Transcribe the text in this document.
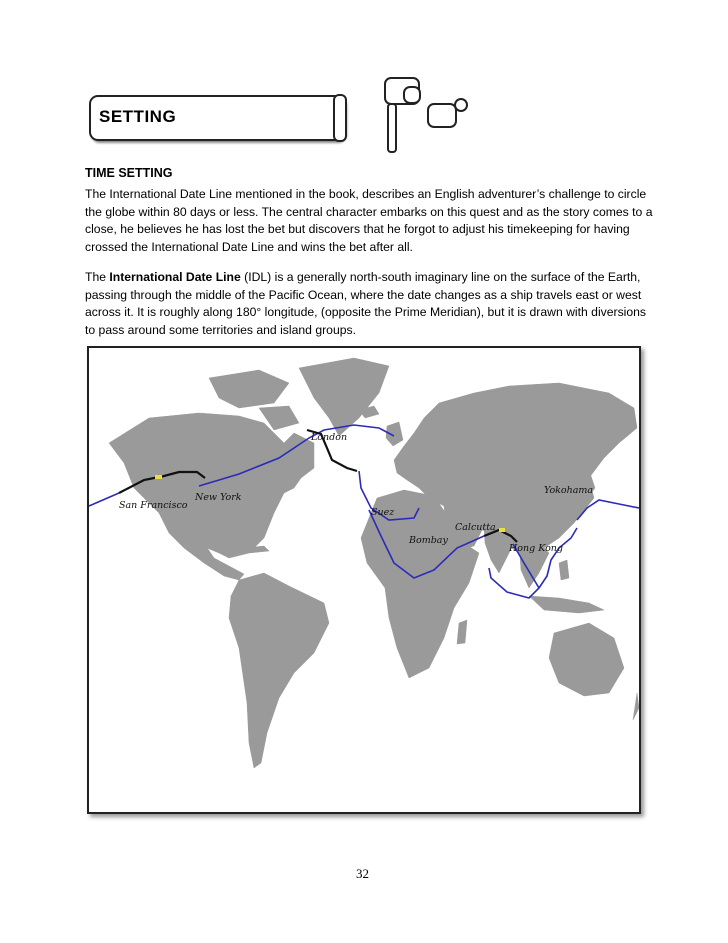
SETTING
TIME SETTING
The International Date Line mentioned in the book, describes an English adventurer’s challenge to circle the globe within 80 days or less. The central character embarks on this quest and as the story comes to a close, he believes he has lost the bet but discovers that he forgot to adjust his timekeeping for having crossed the International Date Line and wins the bet after all.
The International Date Line (IDL) is a generally north-south imaginary line on the surface of the Earth, passing through the middle of the Pacific Ocean, where the date changes as a ship travels east or west across it. It is roughly along 180° longitude, (opposite the Prime Meridian), but it is drawn with diversions to pass around some territories and island groups.
London
New York
San Francisco
Suez
Bombay
Calcutta
Hong Kong
Yokohama
32
